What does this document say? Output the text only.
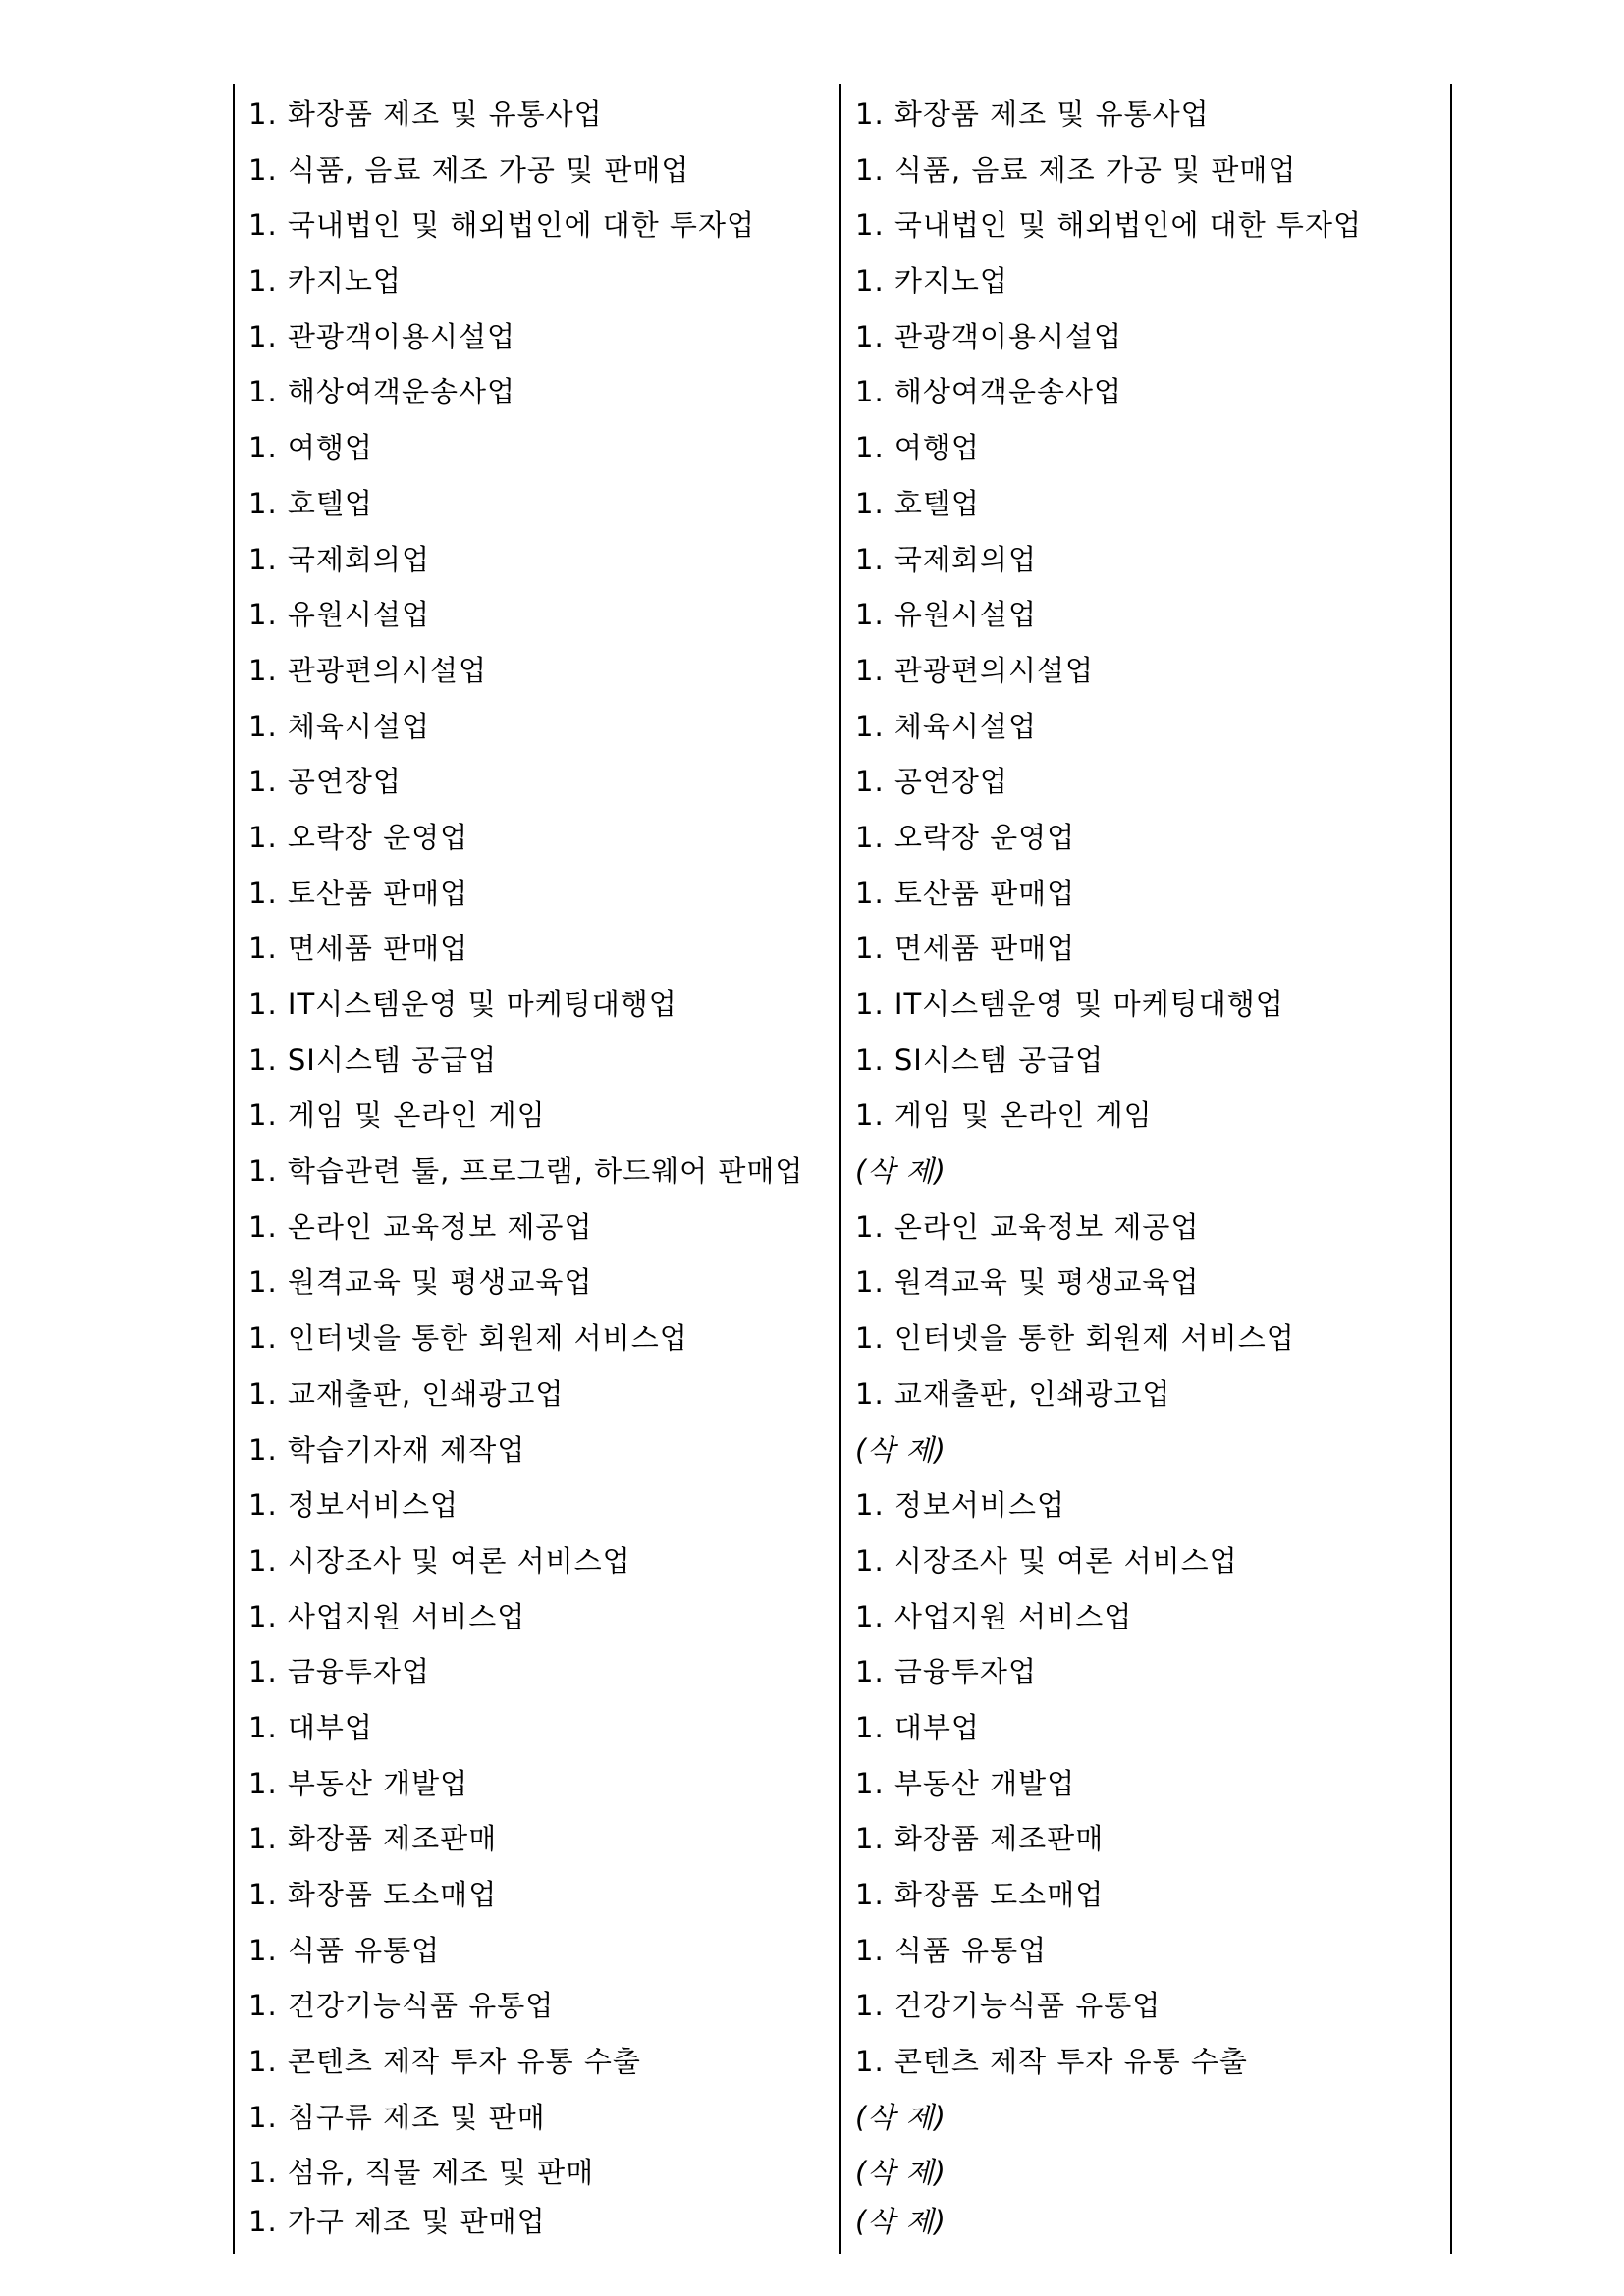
1. 화장품 제조 및 유통사업
1. 식품, 음료 제조 가공 및 판매업
1. 국내법인 및 해외법인에 대한 투자업
1. 카지노업
1. 관광객이용시설업
1. 해상여객운송사업
1. 여행업
1. 호텔업
1. 국제회의업
1. 유원시설업
1. 관광편의시설업
1. 체육시설업
1. 공연장업
1. 오락장 운영업
1. 토산품 판매업
1. 면세품 판매업
1. IT시스템운영 및 마케팅대행업
1. SI시스템 공급업
1. 게임 및 온라인 게임
1. 학습관련 툴, 프로그램, 하드웨어 판매업
1. 온라인 교육정보 제공업
1. 원격교육 및 평생교육업
1. 인터넷을 통한 회원제 서비스업
1. 교재출판, 인쇄광고업
1. 학습기자재 제작업
1. 정보서비스업
1. 시장조사 및 여론 서비스업
1. 사업지원 서비스업
1. 금융투자업
1. 대부업
1. 부동산 개발업
1. 화장품 제조판매
1. 화장품 도소매업
1. 식품 유통업
1. 건강기능식품 유통업
1. 콘텐츠 제작 투자 유통 수출
1. 침구류 제조 및 판매
1. 섬유, 직물 제조 및 판매
1. 가구 제조 및 판매업
1. 화장품 제조 및 유통사업
1. 식품, 음료 제조 가공 및 판매업
1. 국내법인 및 해외법인에 대한 투자업
1. 카지노업
1. 관광객이용시설업
1. 해상여객운송사업
1. 여행업
1. 호텔업
1. 국제회의업
1. 유원시설업
1. 관광편의시설업
1. 체육시설업
1. 공연장업
1. 오락장 운영업
1. 토산품 판매업
1. 면세품 판매업
1. IT시스템운영 및 마케팅대행업
1. SI시스템 공급업
1. 게임 및 온라인 게임
(삭 제)
1. 온라인 교육정보 제공업
1. 원격교육 및 평생교육업
1. 인터넷을 통한 회원제 서비스업
1. 교재출판, 인쇄광고업
(삭 제)
1. 정보서비스업
1. 시장조사 및 여론 서비스업
1. 사업지원 서비스업
1. 금융투자업
1. 대부업
1. 부동산 개발업
1. 화장품 제조판매
1. 화장품 도소매업
1. 식품 유통업
1. 건강기능식품 유통업
1. 콘텐츠 제작 투자 유통 수출
(삭 제)
(삭 제)
(삭 제)
